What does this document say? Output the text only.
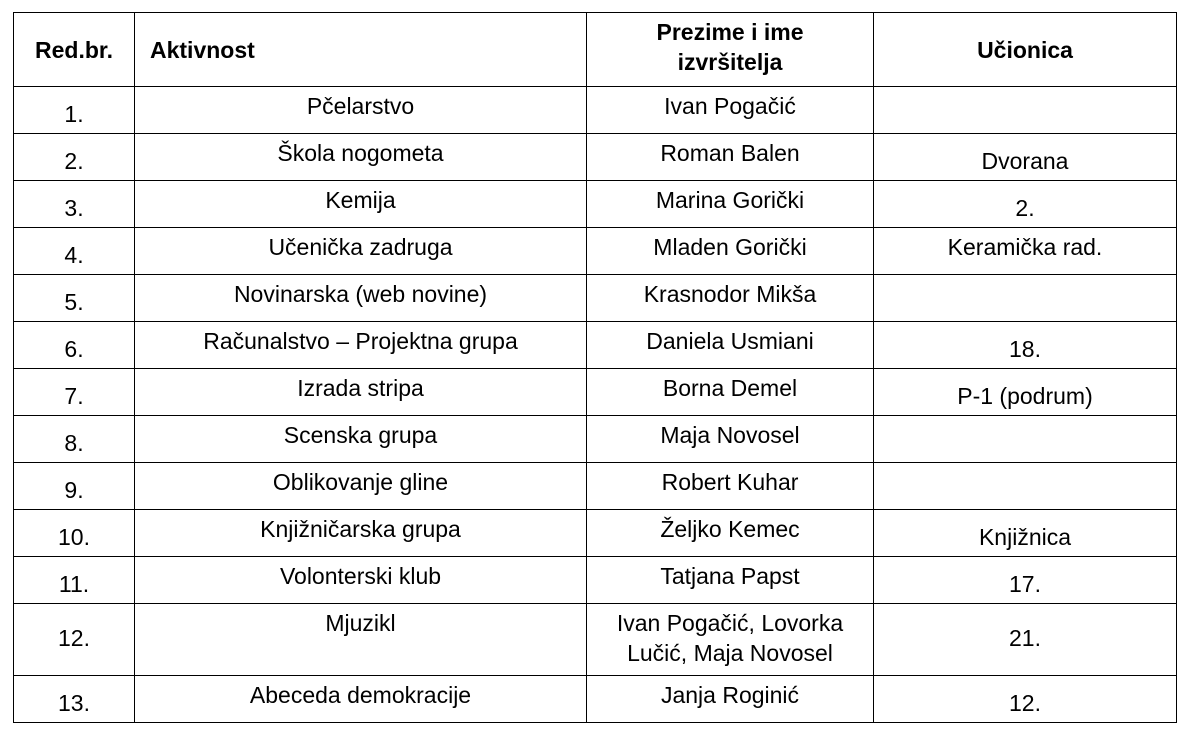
Red.br.	Aktivnost	Prezime i ime
izvršitelja	Učionica
1.	Pčelarstvo	Ivan Pogačić	
2.	Škola nogometa	Roman Balen	Dvorana
3.	Kemija	Marina Gorički	2.
4.	Učenička zadruga	Mladen Gorički	Keramička rad.
5.	Novinarska (web novine)	Krasnodor Mikša	
6.	Računalstvo – Projektna grupa	Daniela Usmiani	18.
7.	Izrada stripa	Borna Demel	P-1 (podrum)
8.	Scenska grupa	Maja Novosel	
9.	Oblikovanje gline	Robert Kuhar	
10.	Knjižničarska grupa	Željko Kemec	Knjižnica
11.	Volonterski klub	Tatjana Papst	17.
12.	Mjuzikl	Ivan Pogačić, Lovorka
Lučić, Maja Novosel	21.
13.	Abeceda demokracije	Janja Roginić	12.
